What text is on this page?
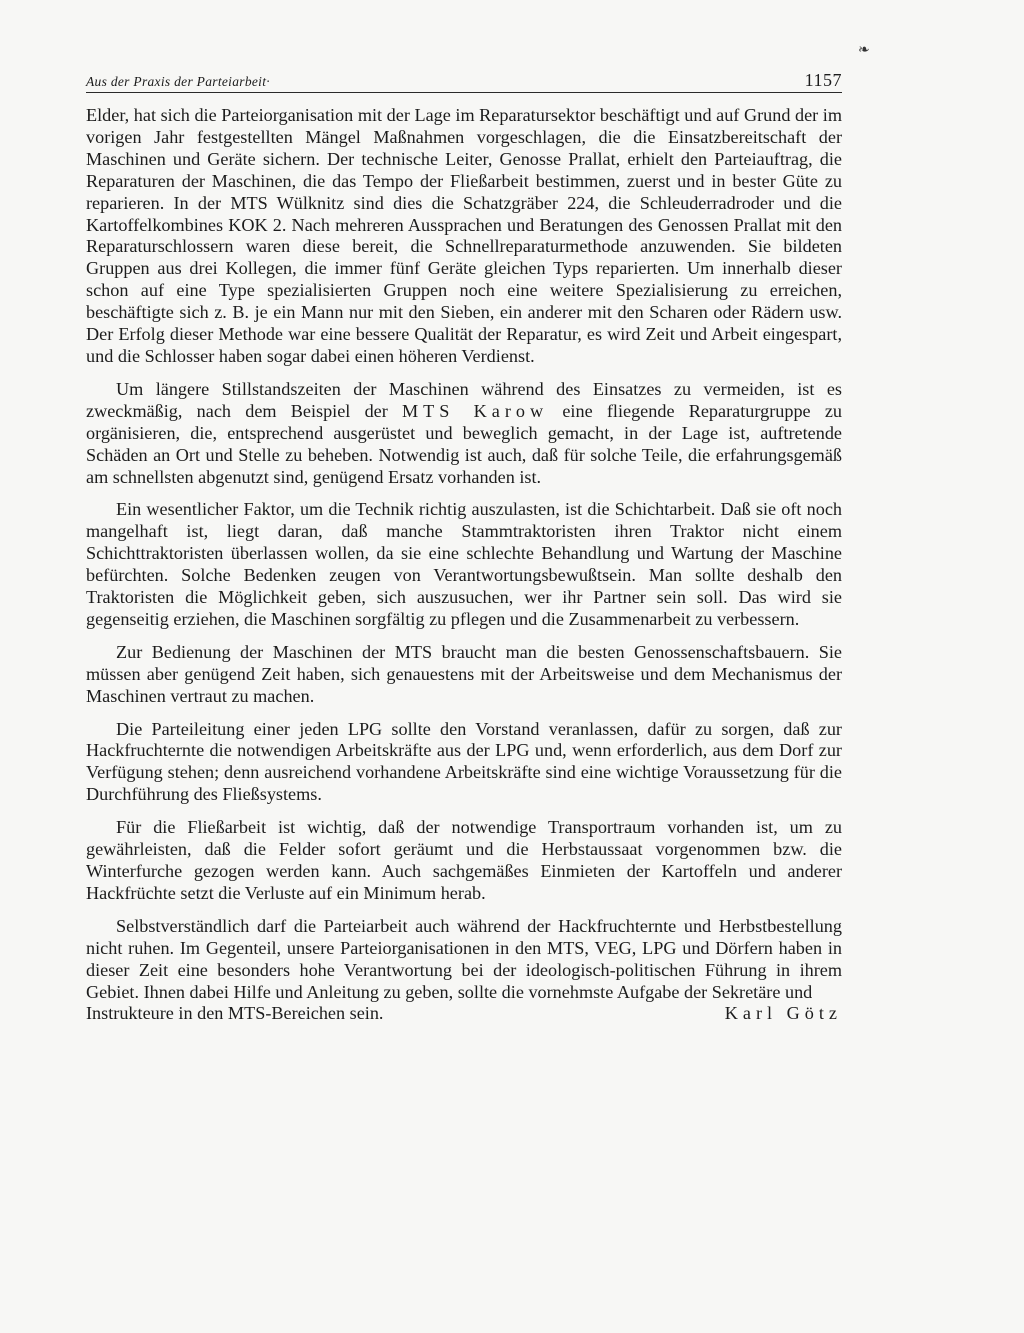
❧
Aus der Praxis der Parteiarbeit·	1157

Elder, hat sich die Parteiorganisation mit der Lage im Reparatursektor beschäftigt und auf Grund der im vorigen Jahr festgestellten Mängel Maßnahmen vorgeschlagen, die die Einsatzbereitschaft der Maschinen und Geräte sichern. Der technische Leiter, Genosse Prallat, erhielt den Parteiauftrag, die Reparaturen der Maschinen, die das Tempo der Fließarbeit bestimmen, zuerst und in bester Güte zu reparieren. In der MTS Wülknitz sind dies die Schatzgräber 224, die Schleuderradroder und die Kartoffelkombines KOK 2. Nach mehreren Aussprachen und Beratungen des Genossen Prallat mit den Reparaturschlossern waren diese bereit, die Schnellreparaturmethode anzuwenden. Sie bildeten Gruppen aus drei Kollegen, die immer fünf Geräte gleichen Typs reparierten. Um innerhalb dieser schon auf eine Type spezialisierten Gruppen noch eine weitere Spezialisierung zu erreichen, beschäftigte sich z. B. je ein Mann nur mit den Sieben, ein anderer mit den Scharen oder Rädern usw. Der Erfolg dieser Methode war eine bessere Qualität der Reparatur, es wird Zeit und Arbeit eingespart, und die Schlosser haben sogar dabei einen höheren Verdienst.

Um längere Stillstandszeiten der Maschinen während des Einsatzes zu vermeiden, ist es zweckmäßig, nach dem Beispiel der MTS Karow eine fliegende Reparaturgruppe zu orgänisieren, die, entsprechend ausgerüstet und beweglich gemacht, in der Lage ist, auftretende Schäden an Ort und Stelle zu beheben. Notwendig ist auch, daß für solche Teile, die erfahrungsgemäß am schnellsten abgenutzt sind, genügend Ersatz vorhanden ist.

Ein wesentlicher Faktor, um die Technik richtig auszulasten, ist die Schichtarbeit. Daß sie oft noch mangelhaft ist, liegt daran, daß manche Stammtraktoristen ihren Traktor nicht einem Schichttraktoristen überlassen wollen, da sie eine schlechte Behandlung und Wartung der Maschine befürchten. Solche Bedenken zeugen von Verantwortungsbewußtsein. Man sollte deshalb den Traktoristen die Möglichkeit geben, sich auszusuchen, wer ihr Partner sein soll. Das wird sie gegenseitig erziehen, die Maschinen sorgfältig zu pflegen und die Zusammenarbeit zu verbessern.

Zur Bedienung der Maschinen der MTS braucht man die besten Genossenschaftsbauern. Sie müssen aber genügend Zeit haben, sich genauestens mit der Arbeitsweise und dem Mechanismus der Maschinen vertraut zu machen.

Die Parteileitung einer jeden LPG sollte den Vorstand veranlassen, dafür zu sorgen, daß zur Hackfruchternte die notwendigen Arbeitskräfte aus der LPG und, wenn erforderlich, aus dem Dorf zur Verfügung stehen; denn ausreichend vorhandene Arbeitskräfte sind eine wichtige Voraussetzung für die Durchführung des Fließsystems.

Für die Fließarbeit ist wichtig, daß der notwendige Transportraum vorhanden ist, um zu gewährleisten, daß die Felder sofort geräumt und die Herbstaussaat vorgenommen bzw. die Winterfurche gezogen werden kann. Auch sachgemäßes Einmieten der Kartoffeln und anderer Hackfrüchte setzt die Verluste auf ein Minimum herab.

Selbstverständlich darf die Parteiarbeit auch während der Hackfruchternte und Herbstbestellung nicht ruhen. Im Gegenteil, unsere Parteiorganisationen in den MTS, VEG, LPG und Dörfern haben in dieser Zeit eine besonders hohe Verantwortung bei der ideologisch-politischen Führung in ihrem Gebiet. Ihnen dabei Hilfe und Anleitung zu geben, sollte die vornehmste Aufgabe der Sekretäre und

Instrukteure in den MTS-Bereichen sein.	Karl Götz
